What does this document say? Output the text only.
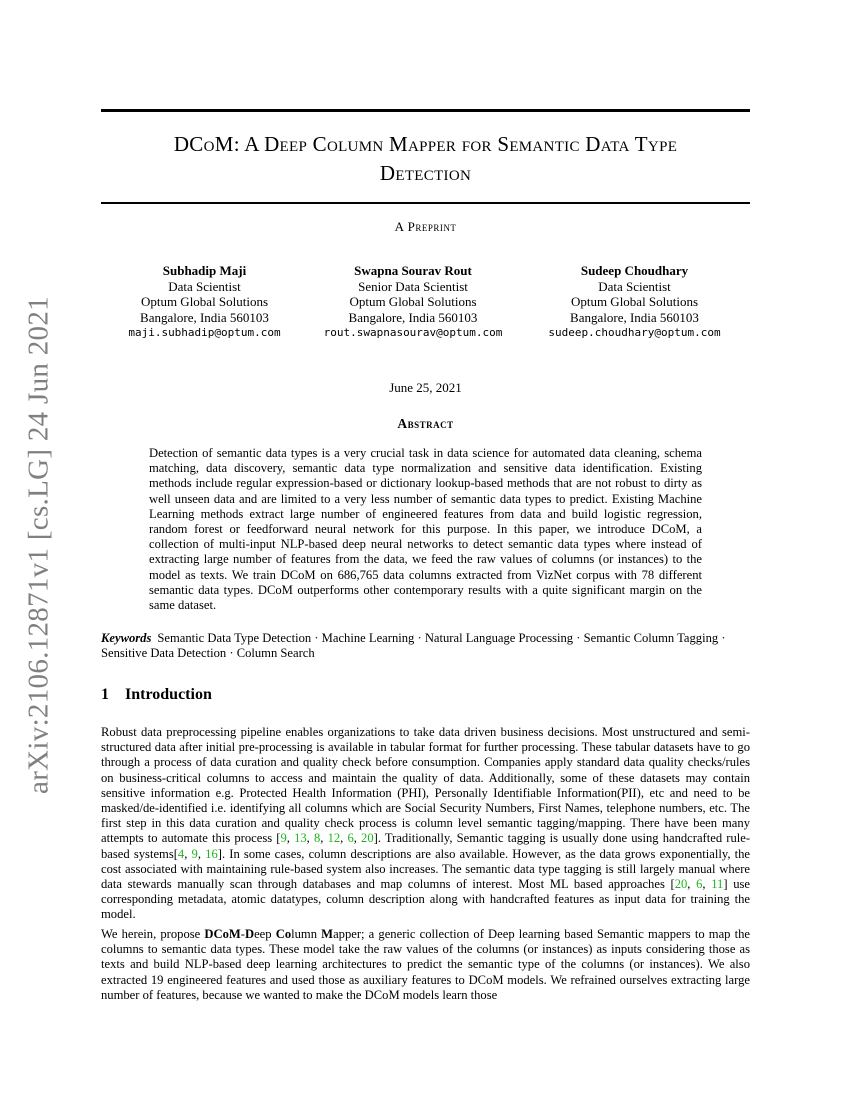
arXiv:2106.12871v1 [cs.LG] 24 Jun 2021
DCoM: A Deep Column Mapper for Semantic Data Type
Detection
A Preprint
Subhadip Maji
Data Scientist
Optum Global Solutions
Bangalore, India 560103
maji.subhadip@optum.com
Swapna Sourav Rout
Senior Data Scientist
Optum Global Solutions
Bangalore, India 560103
rout.swapnasourav@optum.com
Sudeep Choudhary
Data Scientist
Optum Global Solutions
Bangalore, India 560103
sudeep.choudhary@optum.com
June 25, 2021
Abstract

Detection of semantic data types is a very crucial task in data science for automated data cleaning, schema matching, data discovery, semantic data type normalization and sensitive data identification. Existing methods include regular expression-based or dictionary lookup-based methods that are not robust to dirty as well unseen data and are limited to a very less number of semantic data types to predict. Existing Machine Learning methods extract large number of engineered features from data and build logistic regression, random forest or feedforward neural network for this purpose. In this paper, we introduce DCoM, a collection of multi-input NLP-based deep neural networks to detect semantic data types where instead of extracting large number of features from the data, we feed the raw values of columns (or instances) to the model as texts. We train DCoM on 686,765 data columns extracted from VizNet corpus with 78 different semantic data types. DCoM outperforms other contemporary results with a quite significant margin on the same dataset.

Keywords Semantic Data Type Detection · Machine Learning · Natural Language Processing · Semantic Column Tagging · Sensitive Data Detection · Column Search

1 Introduction

Robust data preprocessing pipeline enables organizations to take data driven business decisions. Most unstructured and semi-structured data after initial pre-processing is available in tabular format for further processing. These tabular datasets have to go through a process of data curation and quality check before consumption. Companies apply standard data quality checks/rules on business-critical columns to access and maintain the quality of data. Additionally, some of these datasets may contain sensitive information e.g. Protected Health Information (PHI), Personally Identifiable Information(PII), etc and need to be masked/de-identified i.e. identifying all columns which are Social Security Numbers, First Names, telephone numbers, etc. The first step in this data curation and quality check process is column level semantic tagging/mapping. There have been many attempts to automate this process [9, 13, 8, 12, 6, 20]. Traditionally, Semantic tagging is usually done using handcrafted rule-based systems[4, 9, 16]. In some cases, column descriptions are also available. However, as the data grows exponentially, the cost associated with maintaining rule-based system also increases. The semantic data type tagging is still largely manual where data stewards manually scan through databases and map columns of interest. Most ML based approaches [20, 6, 11] use corresponding metadata, atomic datatypes, column description along with handcrafted features as input data for training the model.

We herein, propose DCoM-Deep Column Mapper; a generic collection of Deep learning based Semantic mappers to map the columns to semantic data types. These model take the raw values of the columns (or instances) as inputs considering those as texts and build NLP-based deep learning architectures to predict the semantic type of the columns (or instances). We also extracted 19 engineered features and used those as auxiliary features to DCoM models. We refrained ourselves extracting large number of features, because we wanted to make the DCoM models learn those
